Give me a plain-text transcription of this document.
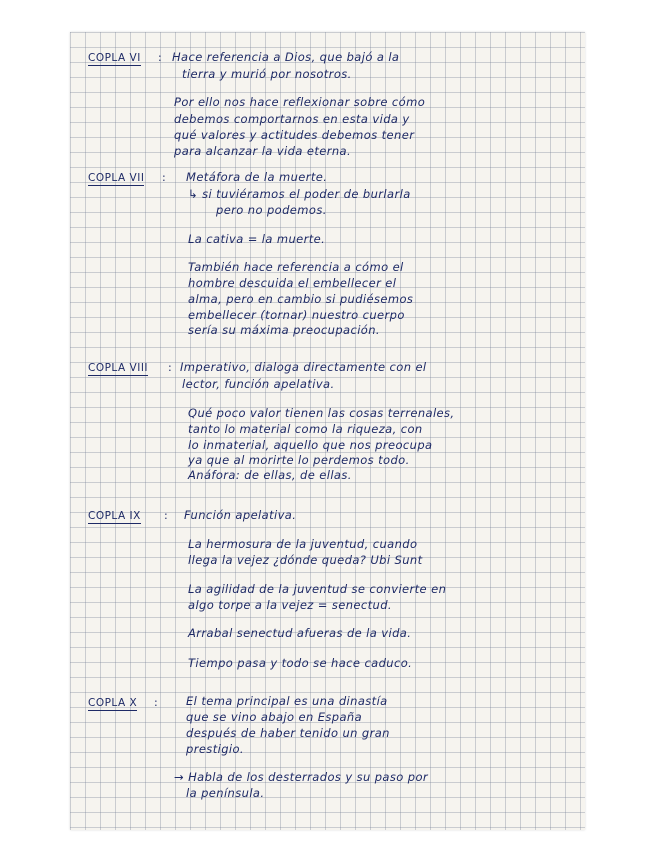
COPLA VI : Hace referencia a Dios, que bajó a la
tierra y murió por nosotros.
Por ello nos hace reflexionar sobre cómo
debemos comportarnos en esta vida y
qué valores y actitudes debemos tener
para alcanzar la vida eterna.
COPLA VII : Metáfora de la muerte.
↳ si tuviéramos el poder de burlarla
pero no podemos.
La cativa = la muerte.
También hace referencia a cómo el
hombre descuida el embellecer el
alma, pero en cambio si pudiésemos
embellecer (tornar) nuestro cuerpo
sería su máxima preocupación.
COPLA VIII : Imperativo, dialoga directamente con el
lector, función apelativa.
Qué poco valor tienen las cosas terrenales,
tanto lo material como la riqueza, con
lo inmaterial, aquello que nos preocupa
ya que al morirte lo perdemos todo.
Anáfora: de ellas, de ellas.
COPLA IX : Función apelativa.
La hermosura de la juventud, cuando
llega la vejez ¿dónde queda? Ubi Sunt
La agilidad de la juventud se convierte en
algo torpe a la vejez = senectud.
Arrabal senectud afueras de la vida.
Tiempo pasa y todo se hace caduco.
COPLA X : El tema principal es una dinastía
que se vino abajo en España
después de haber tenido un gran
prestigio.
→ Habla de los desterrados y su paso por
la península.
